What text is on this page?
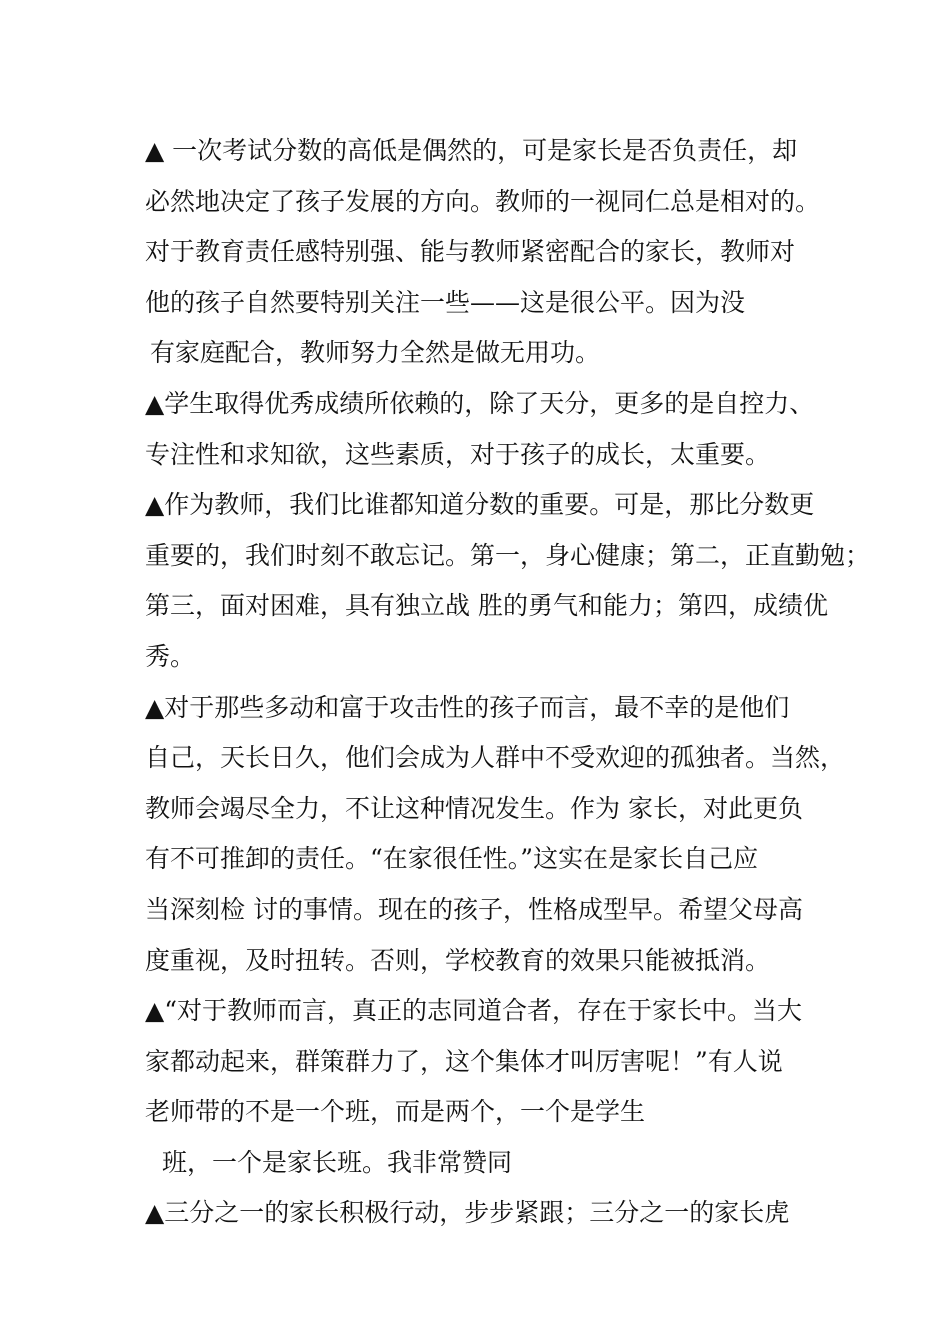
▲ 一次考试分数的高低是偶然的，可是家长是否负责任，却
必然地决定了孩子发展的方向。教师的一视同仁总是相对的。
对于教育责任感特别强、能与教师紧密配合的家长，教师对
他的孩子自然要特别关注一些——这是很公平。因为没
有家庭配合，教师努力全然是做无用功。
▲学生取得优秀成绩所依赖的，除了天分，更多的是自控力、
专注性和求知欲，这些素质，对于孩子的成长，太重要。
▲作为教师，我们比谁都知道分数的重要。可是，那比分数更
重要的，我们时刻不敢忘记。第一，身心健康；第二，正直勤勉；
第三，面对困难，具有独立战 胜的勇气和能力；第四，成绩优
秀。
▲对于那些多动和富于攻击性的孩子而言，最不幸的是他们
自己，天长日久，他们会成为人群中不受欢迎的孤独者。当然，
教师会竭尽全力，不让这种情况发生。作为 家长，对此更负
有不可推卸的责任。“在家很任性。”这实在是家长自己应
当深刻检 讨的事情。现在的孩子，性格成型早。希望父母高
度重视，及时扭转。否则，学校教育的效果只能被抵消。
▲“对于教师而言，真正的志同道合者，存在于家长中。当大
家都动起来，群策群力了，这个集体才叫厉害呢！”有人说
老师带的不是一个班，而是两个，一个是学生
班，一个是家长班。我非常赞同
▲三分之一的家长积极行动，步步紧跟；三分之一的家长虎
